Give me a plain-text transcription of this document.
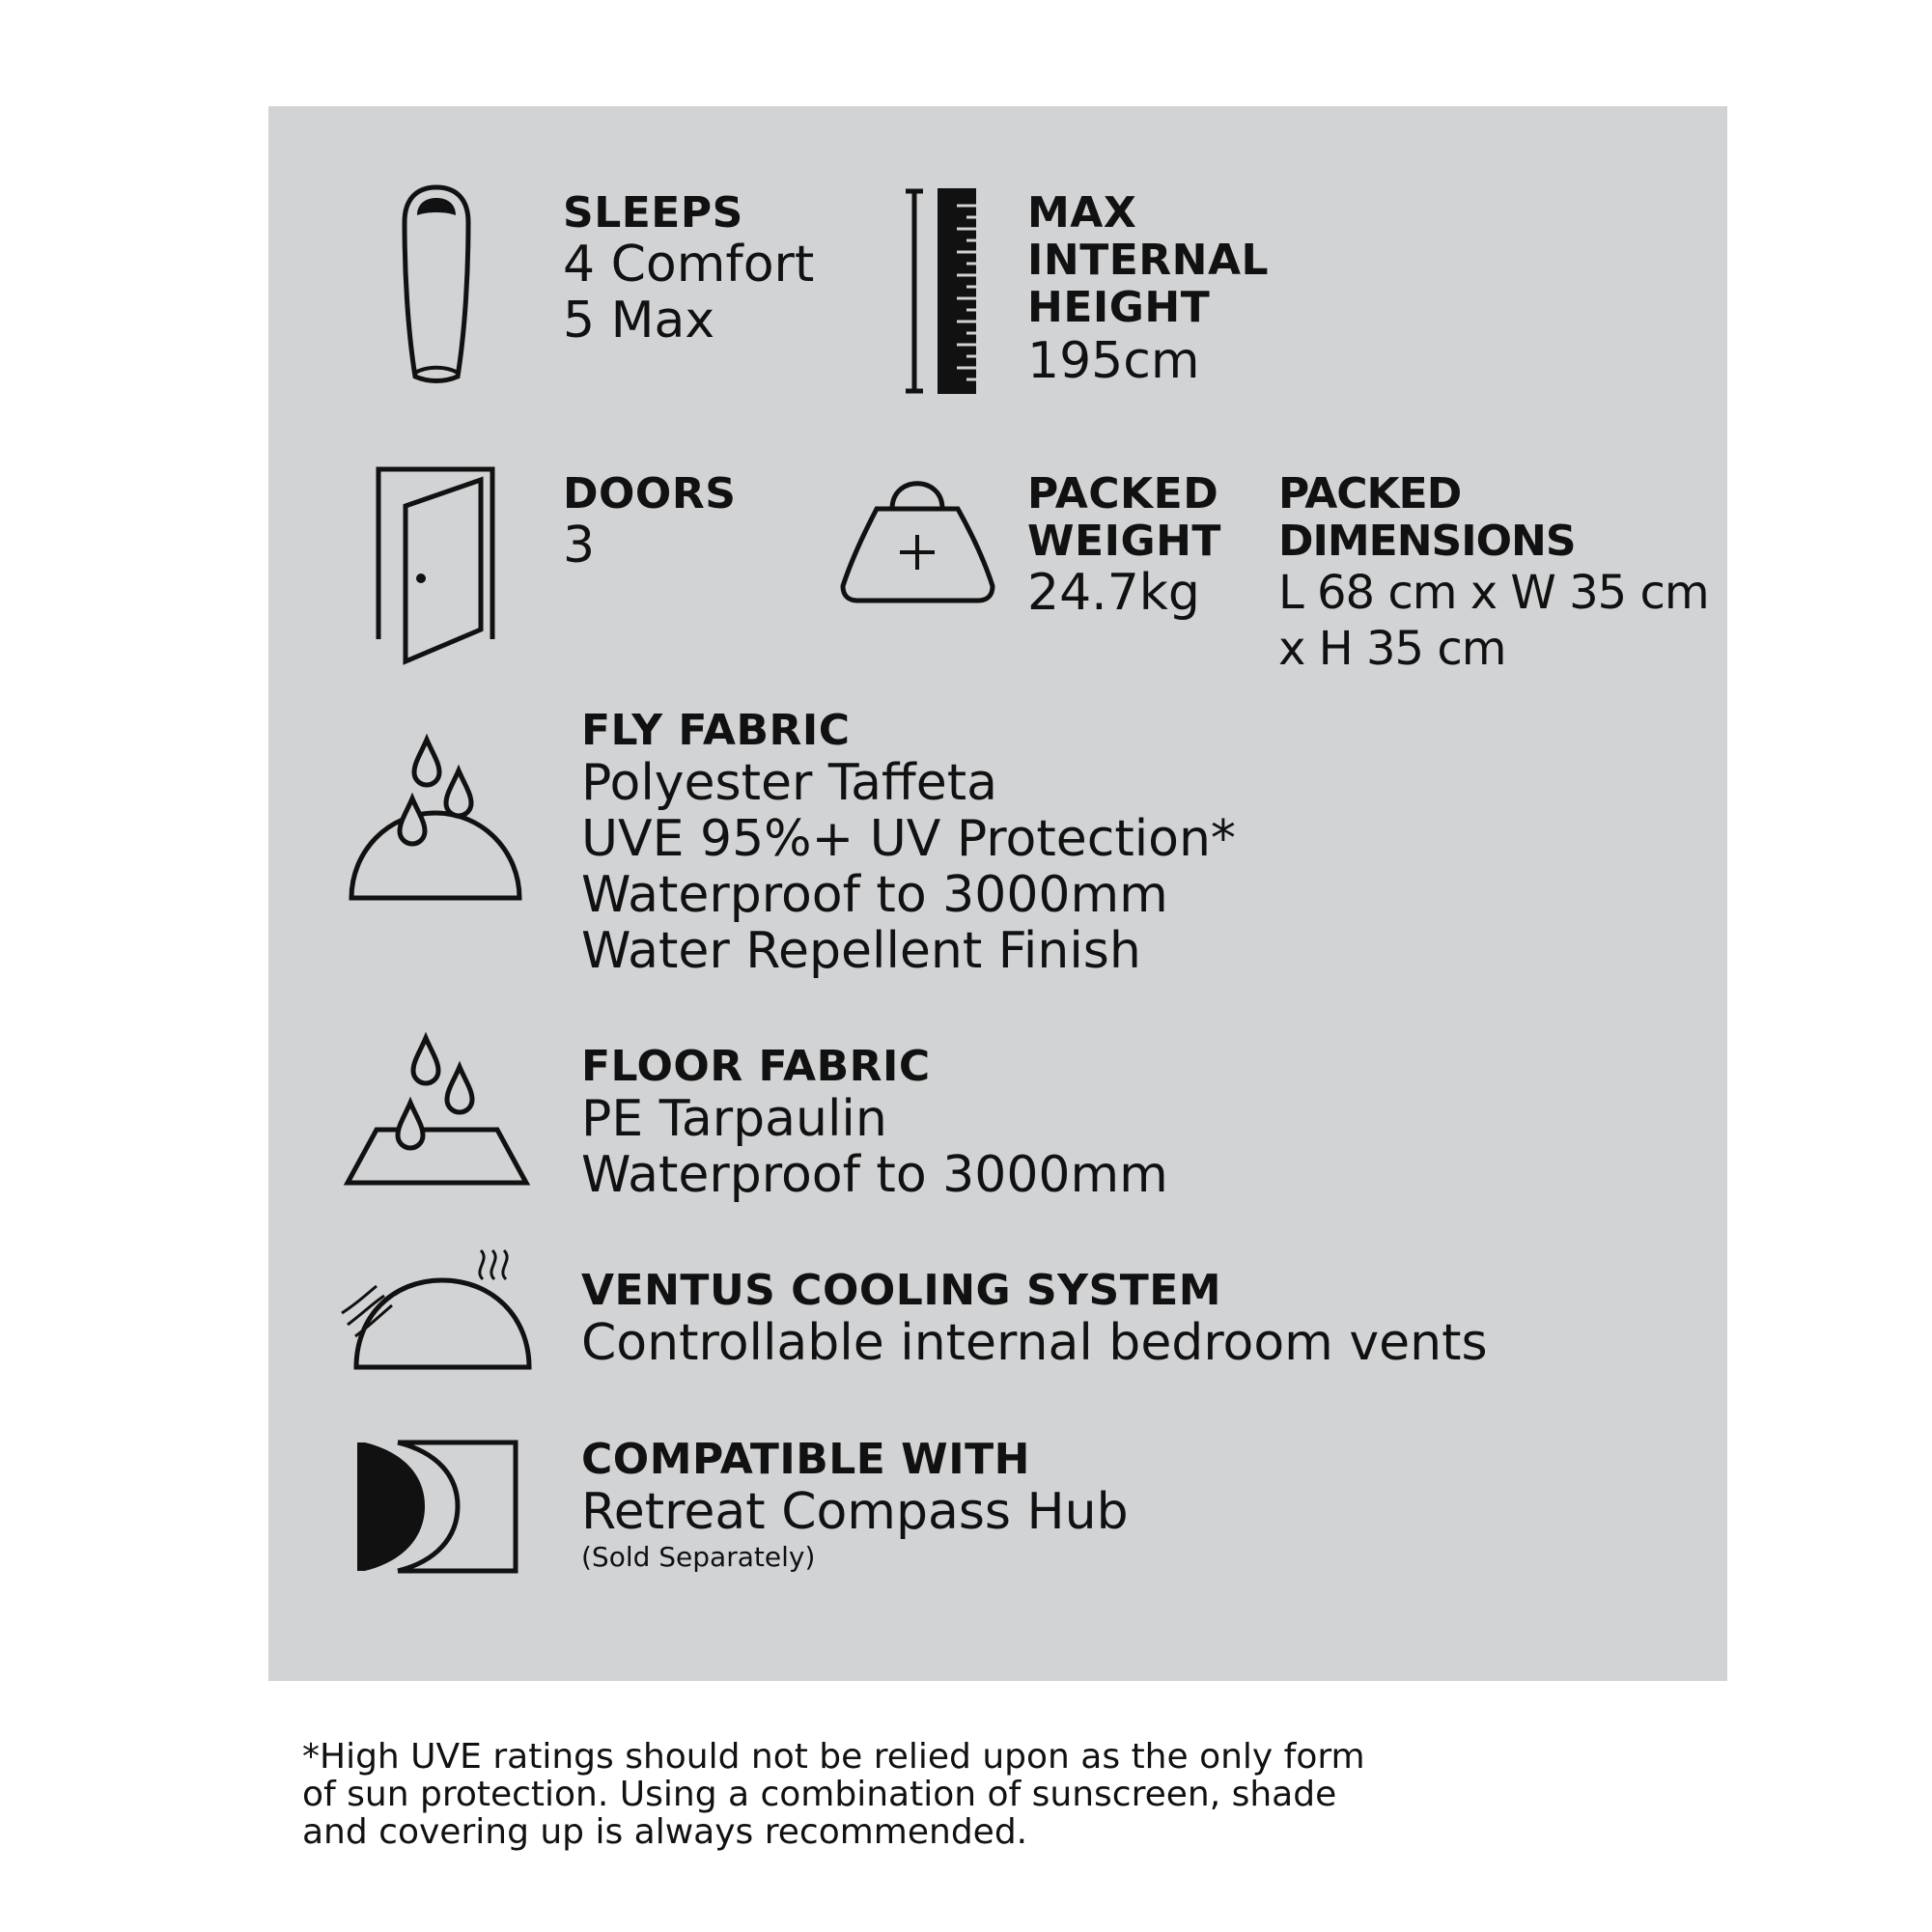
SLEEPS
4 Comfort
5 Max
MAX
INTERNAL
HEIGHT
195cm
DOORS
3
PACKED
WEIGHT
24.7kg
PACKED
DIMENSIONS
L 68 cm x W 35 cm
x H 35 cm
FLY FABRIC
Polyester Taffeta
UVE 95%+ UV Protection*
Waterproof to 3000mm
Water Repellent Finish
FLOOR FABRIC
PE Tarpaulin
Waterproof to 3000mm
VENTUS COOLING SYSTEM
Controllable internal bedroom vents
COMPATIBLE WITH
Retreat Compass Hub
(Sold Separately)
*High UVE ratings should not be relied upon as the only form
of sun protection. Using a combination of sunscreen, shade
and covering up is always recommended.
